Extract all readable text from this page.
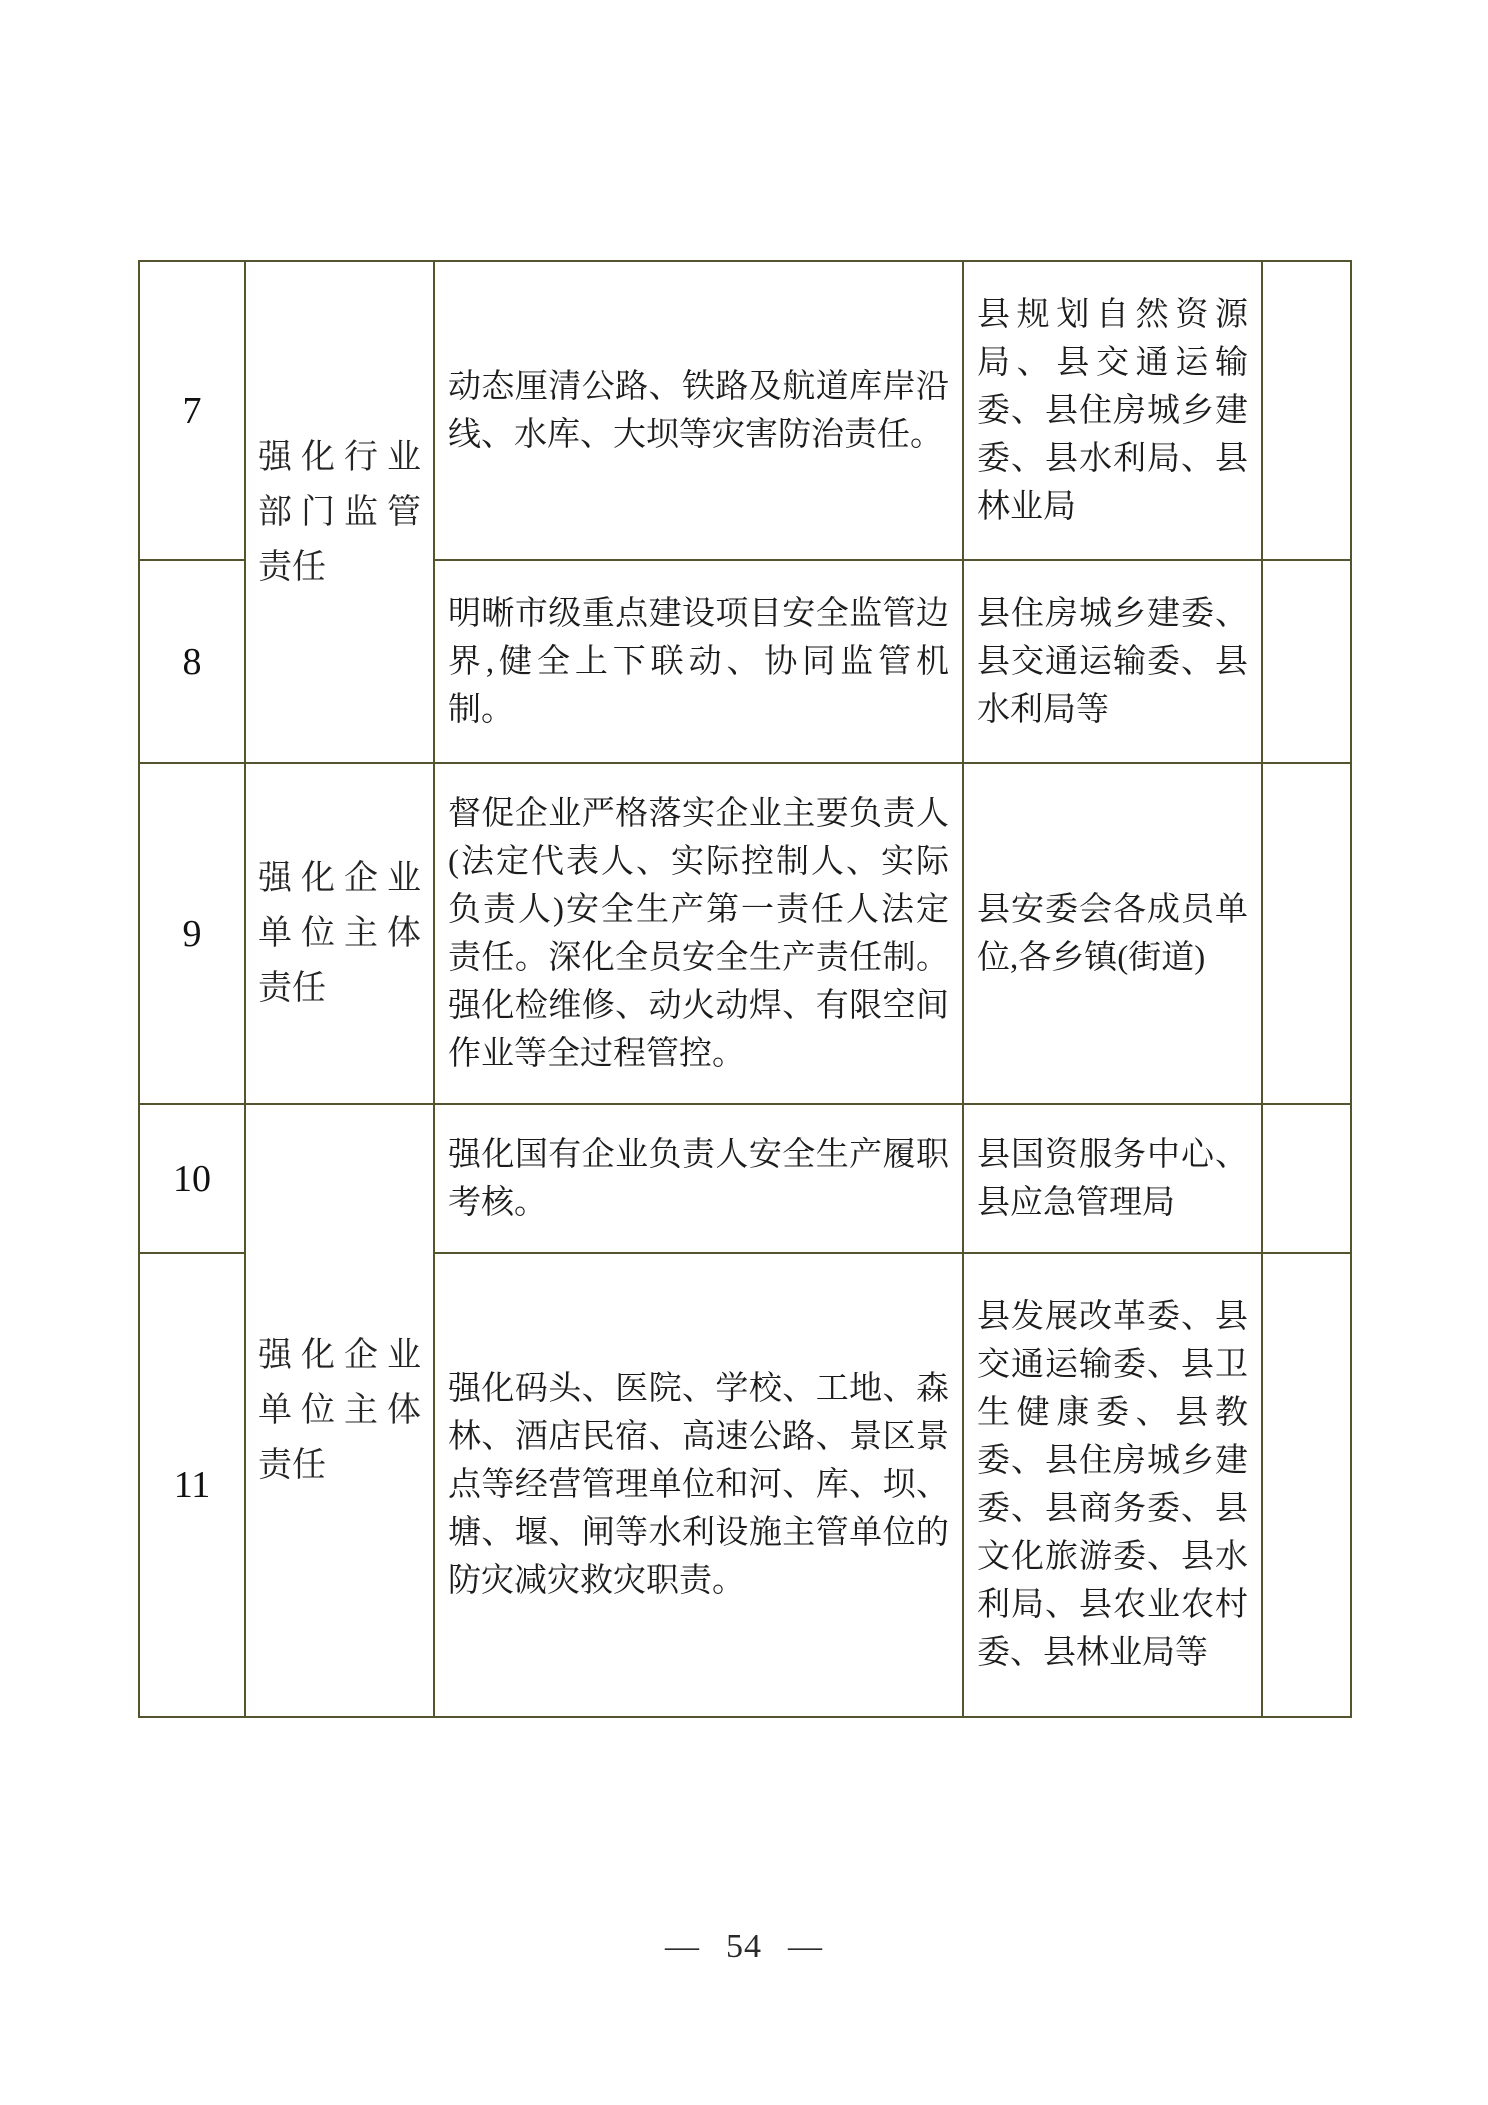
7	强化行业部门监管责任	动态厘清公路、铁路及航道库岸沿线、水库、大坝等灾害防治责任。	县规划自然资源局、县交通运输委、县住房城乡建委、县水利局、县林业局	
8		明晰市级重点建设项目安全监管边界,健全上下联动、协同监管机制。	县住房城乡建委、县交通运输委、县水利局等	
9	强化企业单位主体责任	督促企业严格落实企业主要负责人(法定代表人、实际控制人、实际负责人)安全生产第一责任人法定责任。深化全员安全生产责任制。强化检维修、动火动焊、有限空间作业等全过程管控。	县安委会各成员单位,各乡镇(街道)	
10	强化企业单位主体责任	强化国有企业负责人安全生产履职考核。	县国资服务中心、县应急管理局	
11		强化码头、医院、学校、工地、森林、酒店民宿、高速公路、景区景点等经营管理单位和河、库、坝、塘、堰、闸等水利设施主管单位的防灾减灾救灾职责。	县发展改革委、县交通运输委、县卫生健康委、县教委、县住房城乡建委、县商务委、县文化旅游委、县水利局、县农业农村委、县林业局等	
— 54 —
